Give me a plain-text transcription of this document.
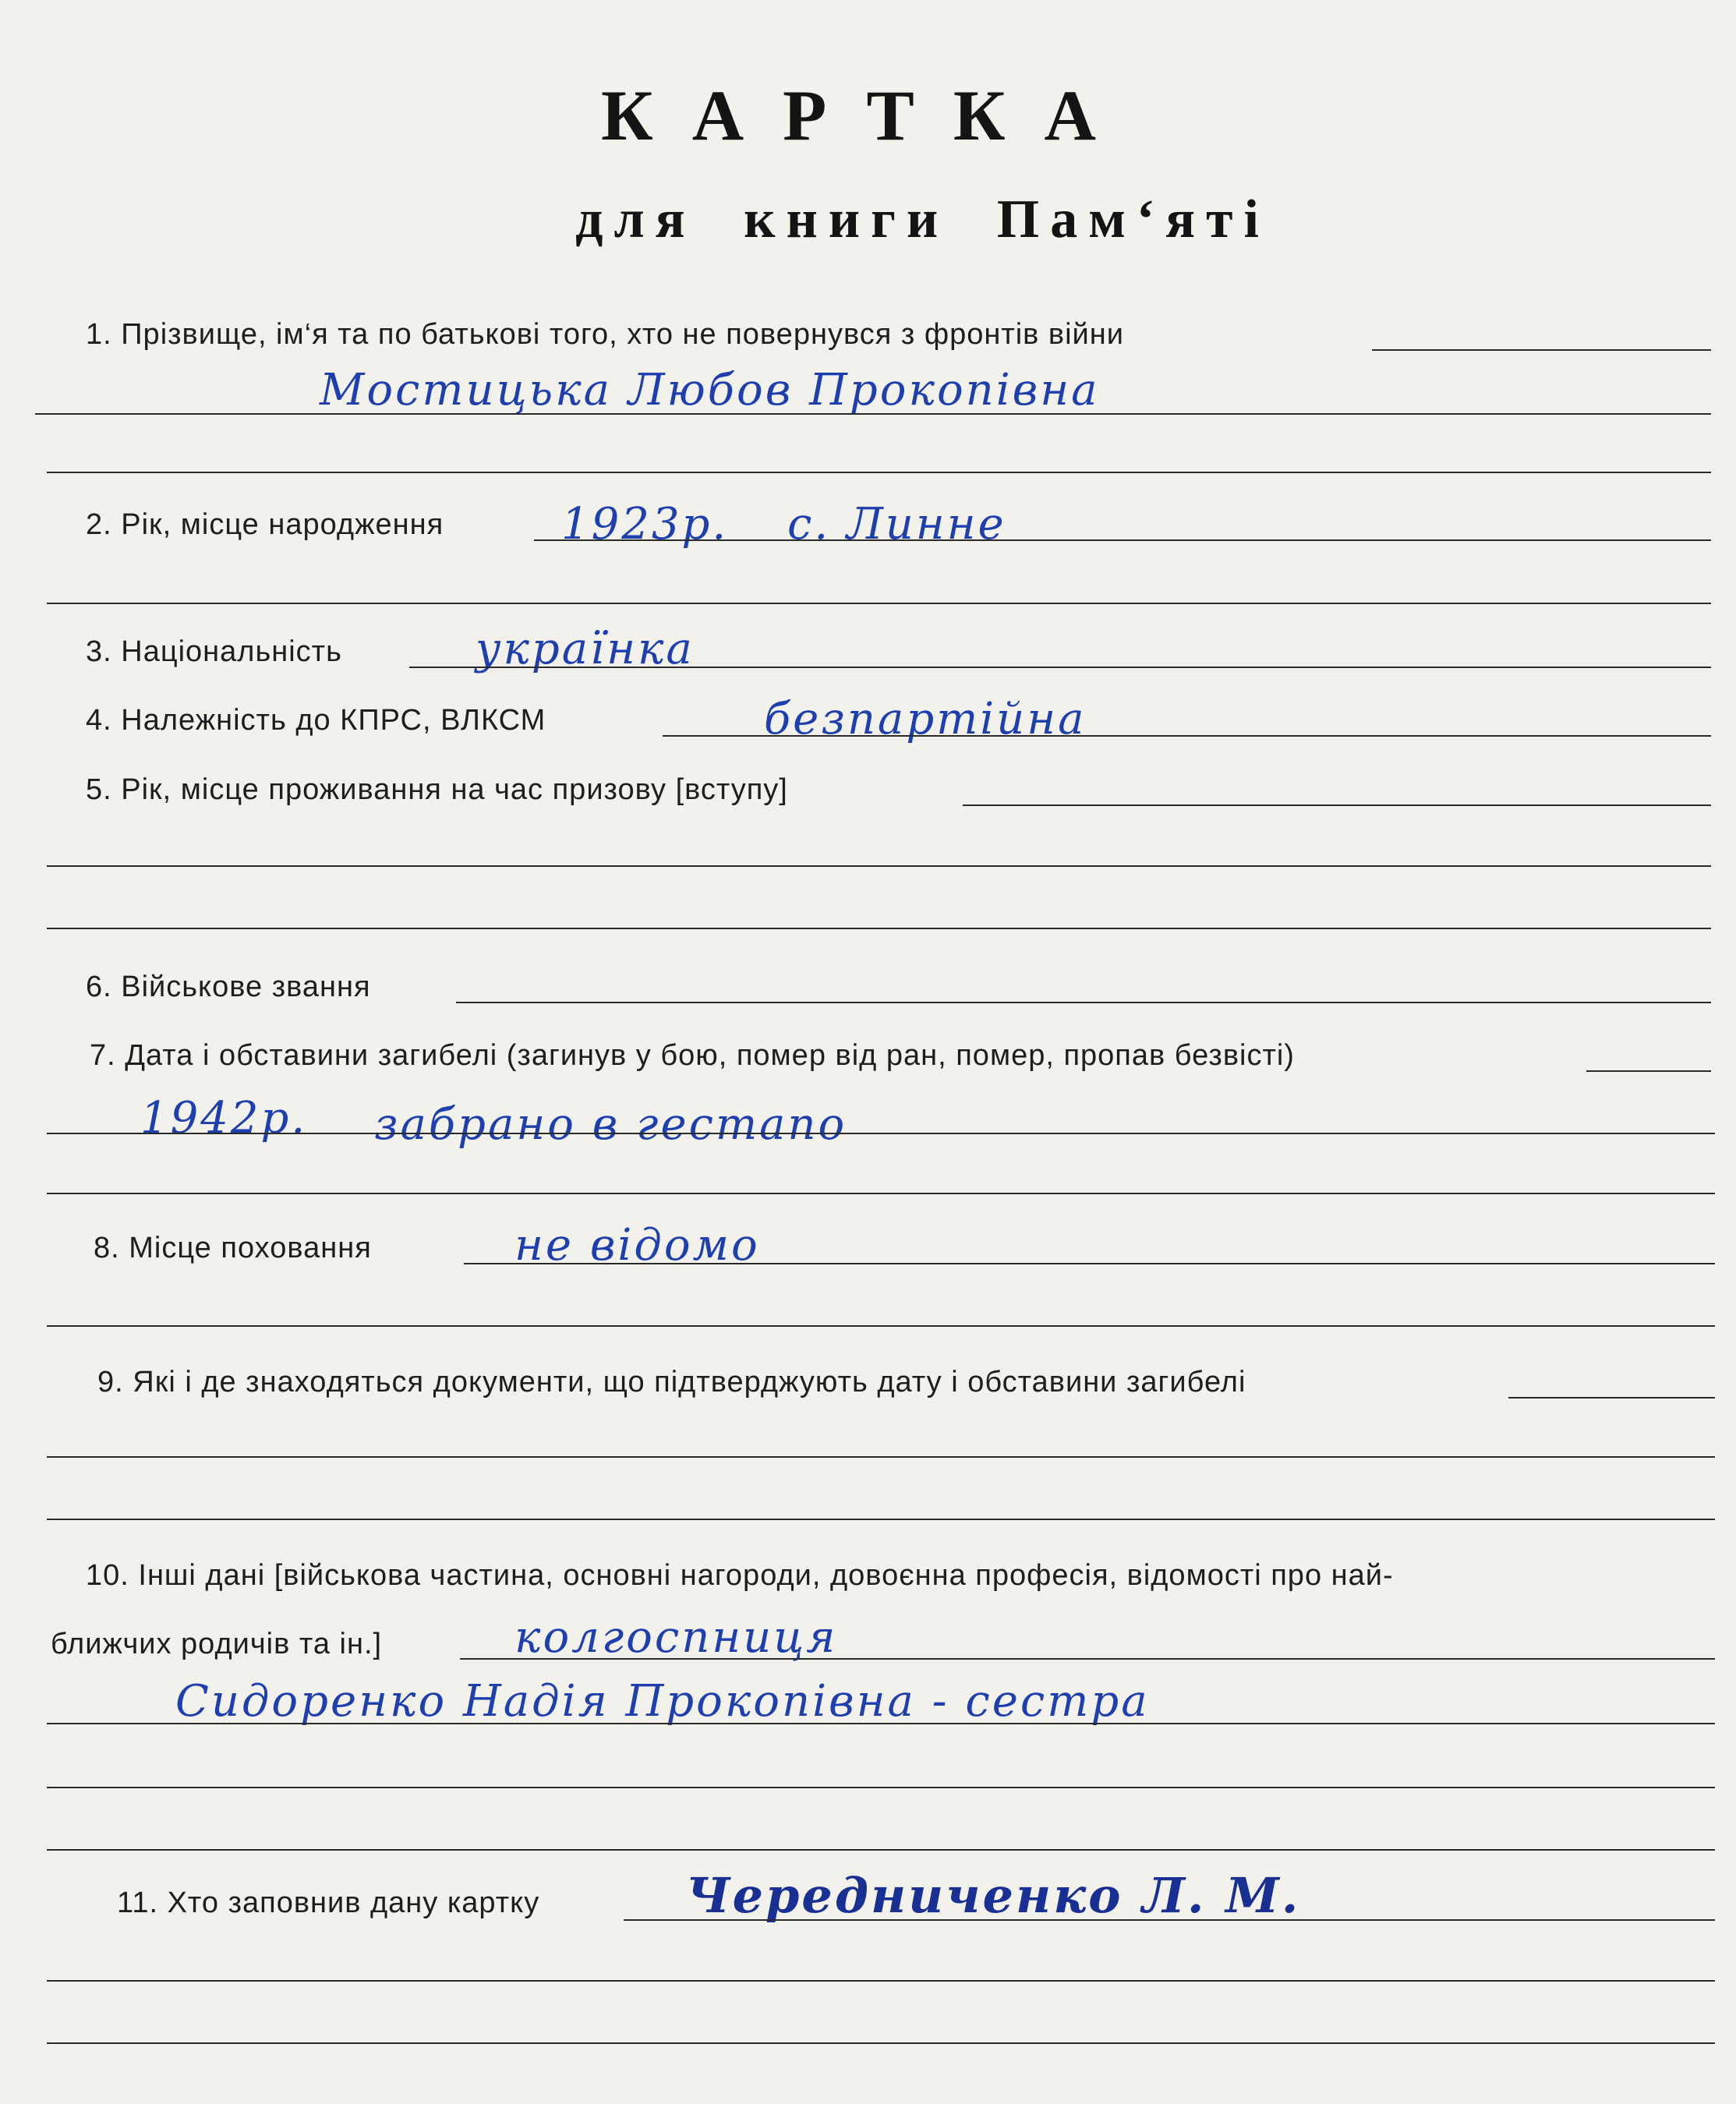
КАРТКА
для книги Пам‘яті
1. Прізвище, ім‘я та по батькові того, хто не повернувся з фронтів війни
Мостицька Любов Прокопівна
2. Рік, місце народження	1923р. с. Линне
3. Національність	українка
4. Належність до КПРС, ВЛКСМ	безпартійна
5. Рік, місце проживання на час призову [вступу]
6. Військове звання
7. Дата і обставини загибелі (загинув у бою, помер від ран, помер, пропав безвісті)
1942р. забрано в гестапо
8. Місце поховання	не відомо
9. Які і де знаходяться документи, що підтверджують дату і обставини загибелі
10. Інші дані [військова частина, основні нагороди, довоєнна професія, відомості про най-
ближчих родичів та ін.]	колгоспниця
Сидоренко Надія Прокопівна - сестра
11. Хто заповнив дану картку	Чередниченко Л. М.
